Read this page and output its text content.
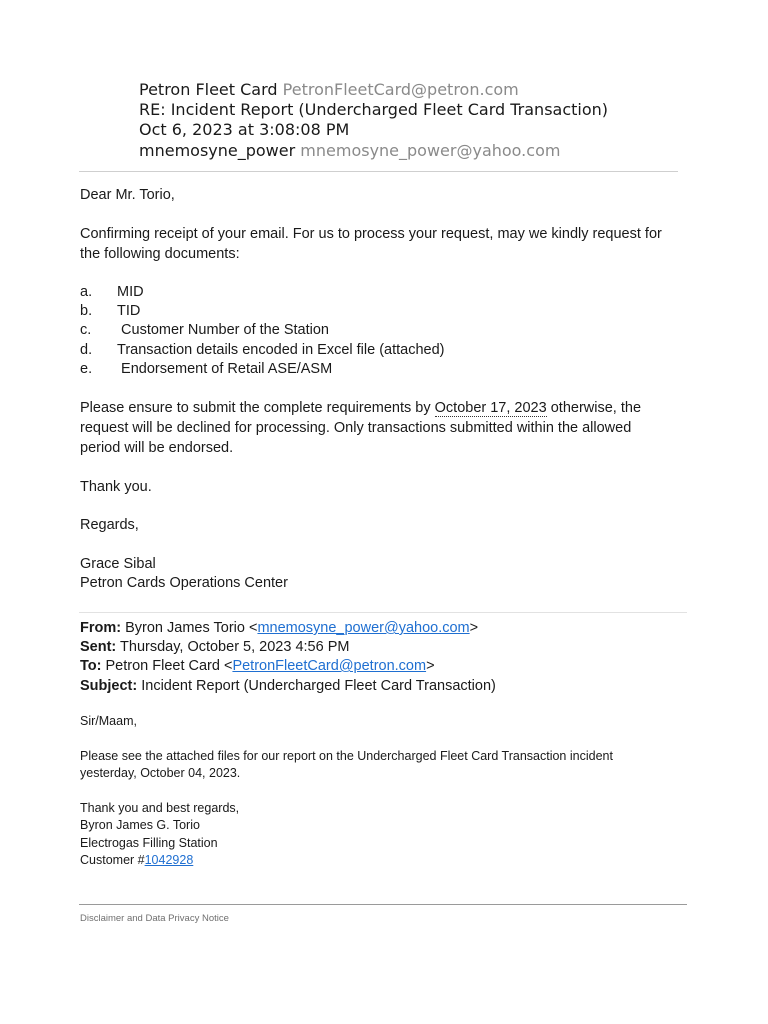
Petron Fleet Card PetronFleetCard@petron.com
RE: Incident Report (Undercharged Fleet Card Transaction)
Oct 6, 2023 at 3:08:08 PM
mnemosyne_power mnemosyne_power@yahoo.com
Dear Mr. Torio,
Confirming receipt of your email. For us to process your request, may we kindly request for
the following documents:
a. MID
b. TID
c. Customer Number of the Station
d. Transaction details encoded in Excel file (attached)
e. Endorsement of Retail ASE/ASM
Please ensure to submit the complete requirements by October 17, 2023 otherwise, the
request will be declined for processing. Only transactions submitted within the allowed
period will be endorsed.
Thank you.
Regards,
Grace Sibal
Petron Cards Operations Center
From: Byron James Torio <mnemosyne_power@yahoo.com>
Sent: Thursday, October 5, 2023 4:56 PM
To: Petron Fleet Card <PetronFleetCard@petron.com>
Subject: Incident Report (Undercharged Fleet Card Transaction)
Sir/Maam,
Please see the attached files for our report on the Undercharged Fleet Card Transaction incident
yesterday, October 04, 2023.
Thank you and best regards,
Byron James G. Torio
Electrogas Filling Station
Customer #1042928
Disclaimer and Data Privacy Notice
